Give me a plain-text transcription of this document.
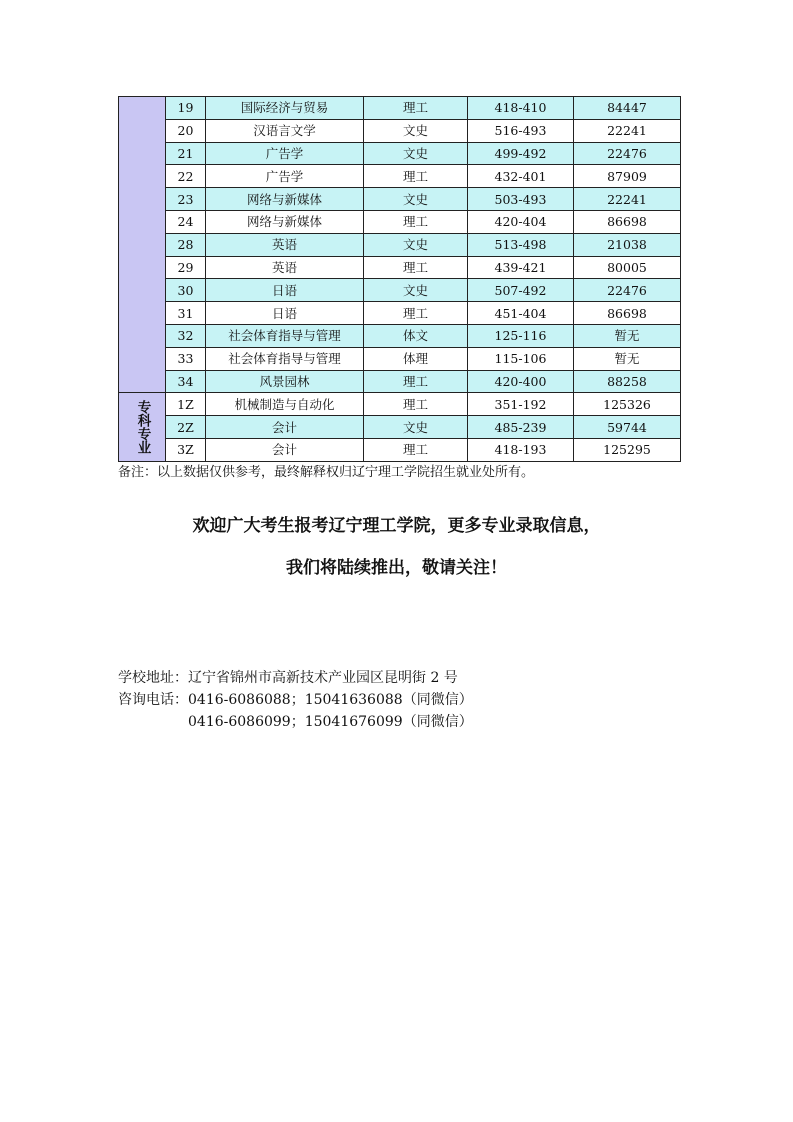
	19	国际经济与贸易	理工	418-410	84447
	20	汉语言文学	文史	516-493	22241
	21	广告学	文史	499-492	22476
	22	广告学	理工	432-401	87909
	23	网络与新媒体	文史	503-493	22241
	24	网络与新媒体	理工	420-404	86698
	28	英语	文史	513-498	21038
	29	英语	理工	439-421	80005
	30	日语	文史	507-492	22476
	31	日语	理工	451-404	86698
	32	社会体育指导与管理	体文	125-116	暂无
	33	社会体育指导与管理	体理	115-106	暂无
	34	风景园林	理工	420-400	88258
专科专业	1Z	机械制造与自动化	理工	351-192	125326
	2Z	会计	文史	485-239	59744
	3Z	会计	理工	418-193	125295
备注：以上数据仅供参考，最终解释权归辽宁理工学院招生就业处所有。
欢迎广大考生报考辽宁理工学院，更多专业录取信息，
我们将陆续推出，敬请关注！
学校地址：辽宁省锦州市高新技术产业园区昆明街 2 号
咨询电话：0416-6086088；15041636088（同微信）
0416-6086099；15041676099（同微信）
